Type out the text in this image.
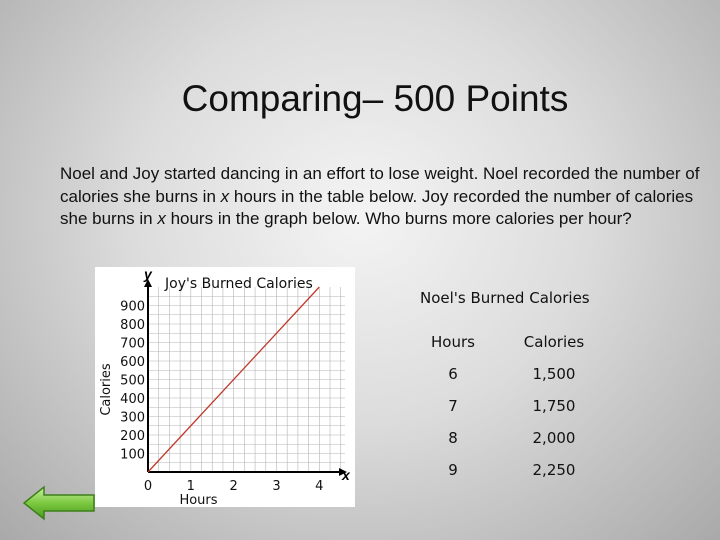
Comparing– 500 Points
Noel and Joy started dancing in an effort to lose weight. Noel recorded the number of calories she burns in x hours in the table below. Joy recorded the number of calories she burns in x hours in the graph below. Who burns more calories per hour?
y
x
Joy's Burned Calories
100
200
300
400
500
600
700
800
900
0	1	2	3	4
Hours
Calories
Noel's Burned Calories
Hours	Calories
6	1,500
7	1,750
8	2,000
9	2,250
